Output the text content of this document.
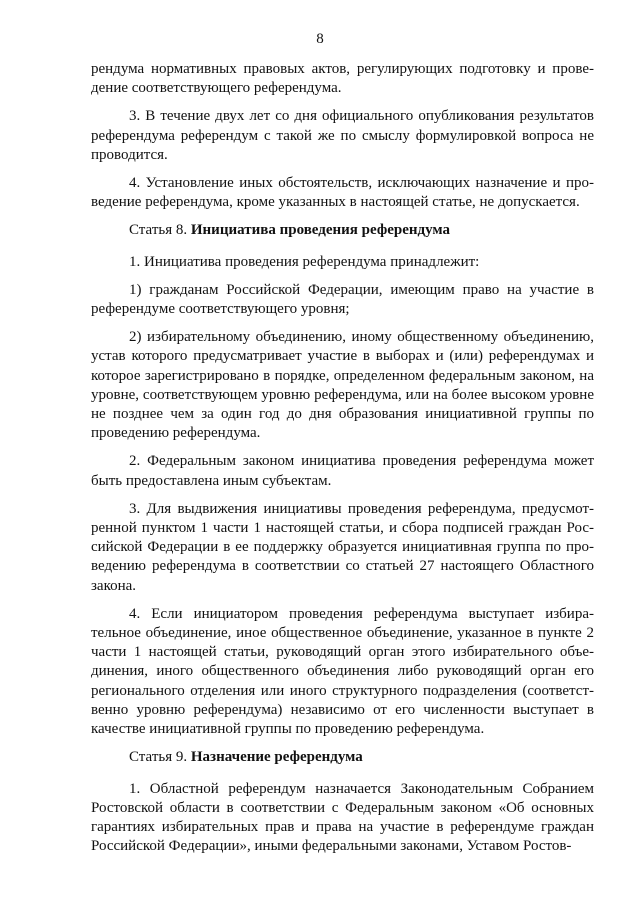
8

рендума нормативных правовых актов, регулирующих подготовку и проведение соответствующего референдума.

3. В течение двух лет со дня официального опубликования результатов референдума референдум с такой же по смыслу формулировкой вопроса не проводится.

4. Установление иных обстоятельств, исключающих назначение и проведение референдума, кроме указанных в настоящей статье, не допускается.

Статья 8. Инициатива проведения референдума

1. Инициатива проведения референдума принадлежит:

1) гражданам Российской Федерации, имеющим право на участие в референдуме соответствующего уровня;

2) избирательному объединению, иному общественному объединению, устав которого предусматривает участие в выборах и (или) референдумах и которое зарегистрировано в порядке, определенном федеральным законом, на уровне, соответствующем уровню референдума, или на более высоком уровне не позднее чем за один год до дня образования инициативной группы по проведению референдума.

2. Федеральным законом инициатива проведения референдума может быть предоставлена иным субъектам.

3. Для выдвижения инициативы проведения референдума, предусмотренной пунктом 1 части 1 настоящей статьи, и сбора подписей граждан Российской Федерации в ее поддержку образуется инициативная группа по проведению референдума в соответствии со статьей 27 настоящего Областного закона.

4. Если инициатором проведения референдума выступает избирательное объединение, иное общественное объединение, указанное в пункте 2 части 1 настоящей статьи, руководящий орган этого избирательного объединения, иного общественного объединения либо руководящий орган его регионального отделения или иного структурного подразделения (соответственно уровню референдума) независимо от его численности выступает в качестве инициативной группы по проведению референдума.

Статья 9. Назначение референдума

1. Областной референдум назначается Законодательным Собранием Ростовской области в соответствии с Федеральным законом «Об основных гарантиях избирательных прав и права на участие в референдуме граждан Российской Федерации», иными федеральными законами, Уставом Ростов-
